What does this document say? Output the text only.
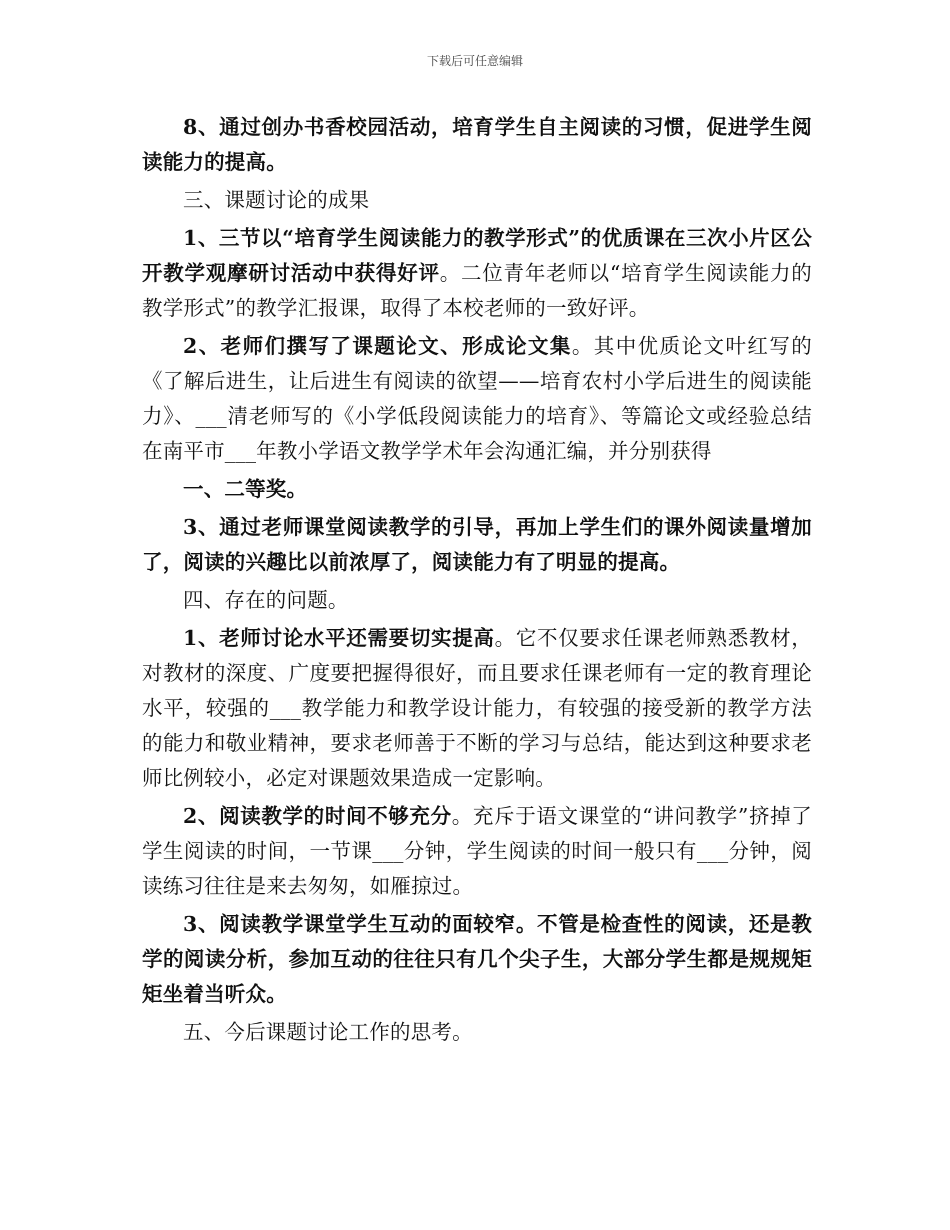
下载后可任意编辑

8、通过创办书香校园活动，培育学生自主阅读的习惯，促进学生阅读能力的提高。

三、课题讨论的成果

1、三节以“培育学生阅读能力的教学形式”的优质课在三次小片区公开教学观摩研讨活动中获得好评。二位青年老师以“培育学生阅读能力的教学形式”的教学汇报课，取得了本校老师的一致好评。

2、老师们撰写了课题论文、形成论文集。其中优质论文叶红写的《了解后进生，让后进生有阅读的欲望——培育农村小学后进生的阅读能力》、___清老师写的《小学低段阅读能力的培育》、等篇论文或经验总结在南平市___年教小学语文教学学术年会沟通汇编，并分别获得

一、二等奖。

3、通过老师课堂阅读教学的引导，再加上学生们的课外阅读量增加了，阅读的兴趣比以前浓厚了，阅读能力有了明显的提高。

四、存在的问题。

1、老师讨论水平还需要切实提高。它不仅要求任课老师熟悉教材，对教材的深度、广度要把握得很好，而且要求任课老师有一定的教育理论水平，较强的___教学能力和教学设计能力，有较强的接受新的教学方法的能力和敬业精神，要求老师善于不断的学习与总结，能达到这种要求老师比例较小，必定对课题效果造成一定影响。

2、阅读教学的时间不够充分。充斥于语文课堂的“讲问教学”挤掉了学生阅读的时间，一节课___分钟，学生阅读的时间一般只有___分钟，阅读练习往往是来去匆匆，如雁掠过。

3、阅读教学课堂学生互动的面较窄。不管是检查性的阅读，还是教学的阅读分析，参加互动的往往只有几个尖子生，大部分学生都是规规矩矩坐着当听众。

五、今后课题讨论工作的思考。
